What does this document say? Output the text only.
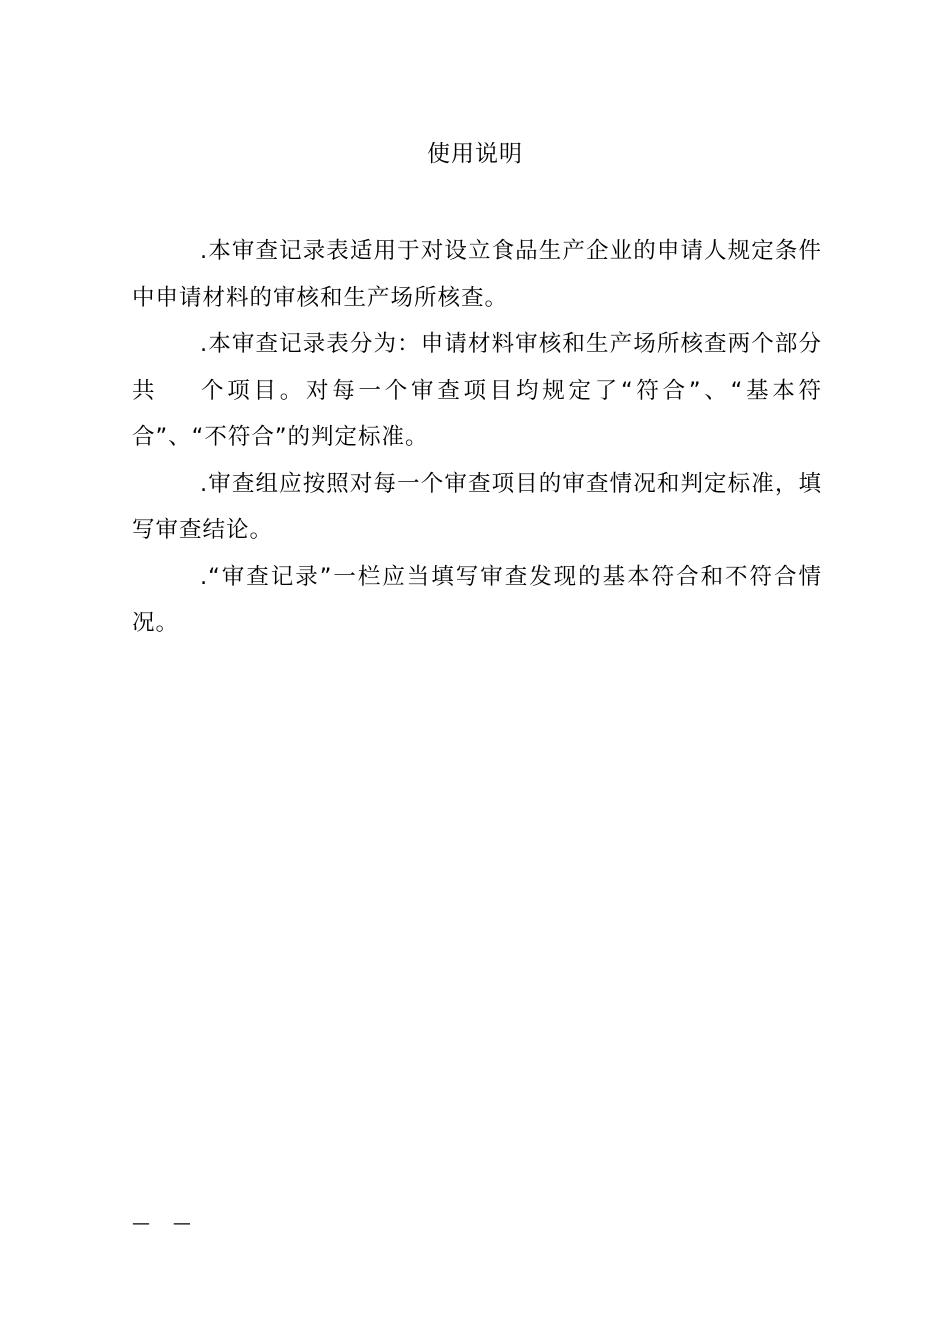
使用说明

.本审查记录表适用于对设立食品生产企业的申请人规定条件中申请材料的审核和生产场所核查。

.本审查记录表分为：申请材料审核和生产场所核查两个部分共 个项目。对每一个审查项目均规定了“符合”、“基本符合”、“不符合”的判定标准。

.审查组应按照对每一个审查项目的审查情况和判定标准，填写审查结论。

.“审查记录”一栏应当填写审查发现的基本符合和不符合情况。

—    —
